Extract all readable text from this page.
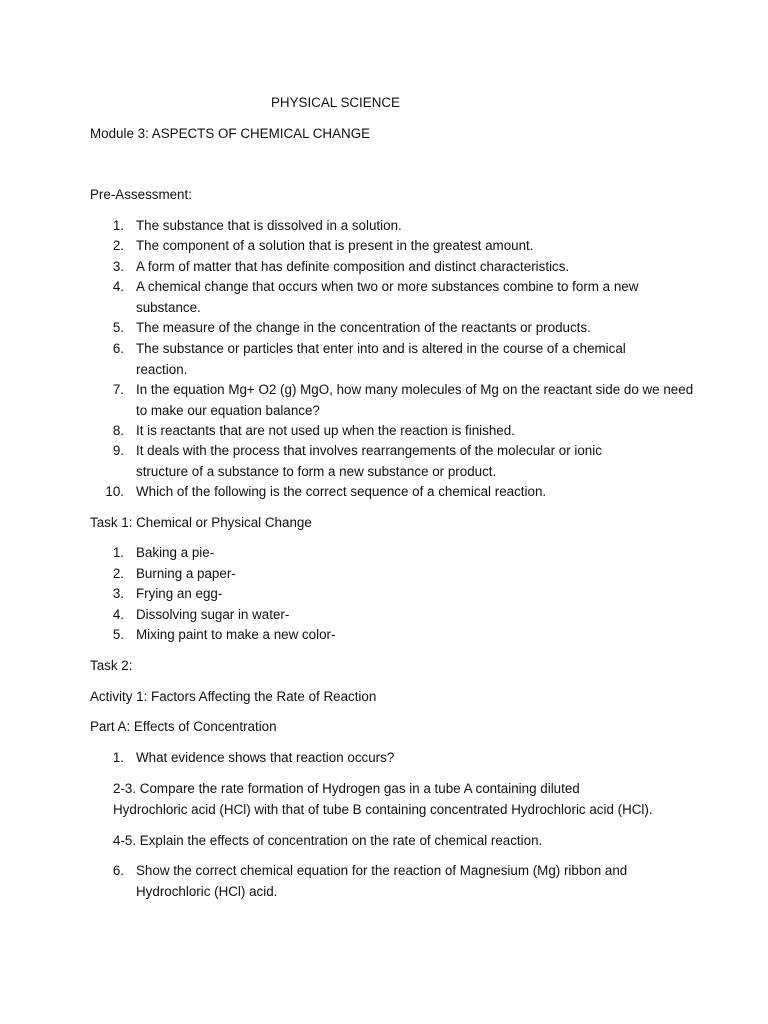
PHYSICAL SCIENCE
Module 3: ASPECTS OF CHEMICAL CHANGE
Pre-Assessment:
1. The substance that is dissolved in a solution.
2. The component of a solution that is present in the greatest amount.
3. A form of matter that has definite composition and distinct characteristics.
4. A chemical change that occurs when two or more substances combine to form a new substance.
5. The measure of the change in the concentration of the reactants or products.
6. The substance or particles that enter into and is altered in the course of a chemical reaction.
7. In the equation Mg+ O2 (g) MgO, how many molecules of Mg on the reactant side do we need to make our equation balance?
8. It is reactants that are not used up when the reaction is finished.
9. It deals with the process that involves rearrangements of the molecular or ionic structure of a substance to form a new substance or product.
10. Which of the following is the correct sequence of a chemical reaction.
Task 1: Chemical or Physical Change
1. Baking a pie-
2. Burning a paper-
3. Frying an egg-
4. Dissolving sugar in water-
5. Mixing paint to make a new color-
Task 2:
Activity 1: Factors Affecting the Rate of Reaction
Part A: Effects of Concentration
1. What evidence shows that reaction occurs?
2-3. Compare the rate formation of Hydrogen gas in a tube A containing diluted
Hydrochloric acid (HCl) with that of tube B containing concentrated Hydrochloric acid (HCl).
4-5. Explain the effects of concentration on the rate of chemical reaction.
6. Show the correct chemical equation for the reaction of Magnesium (Mg) ribbon and Hydrochloric (HCl) acid.
